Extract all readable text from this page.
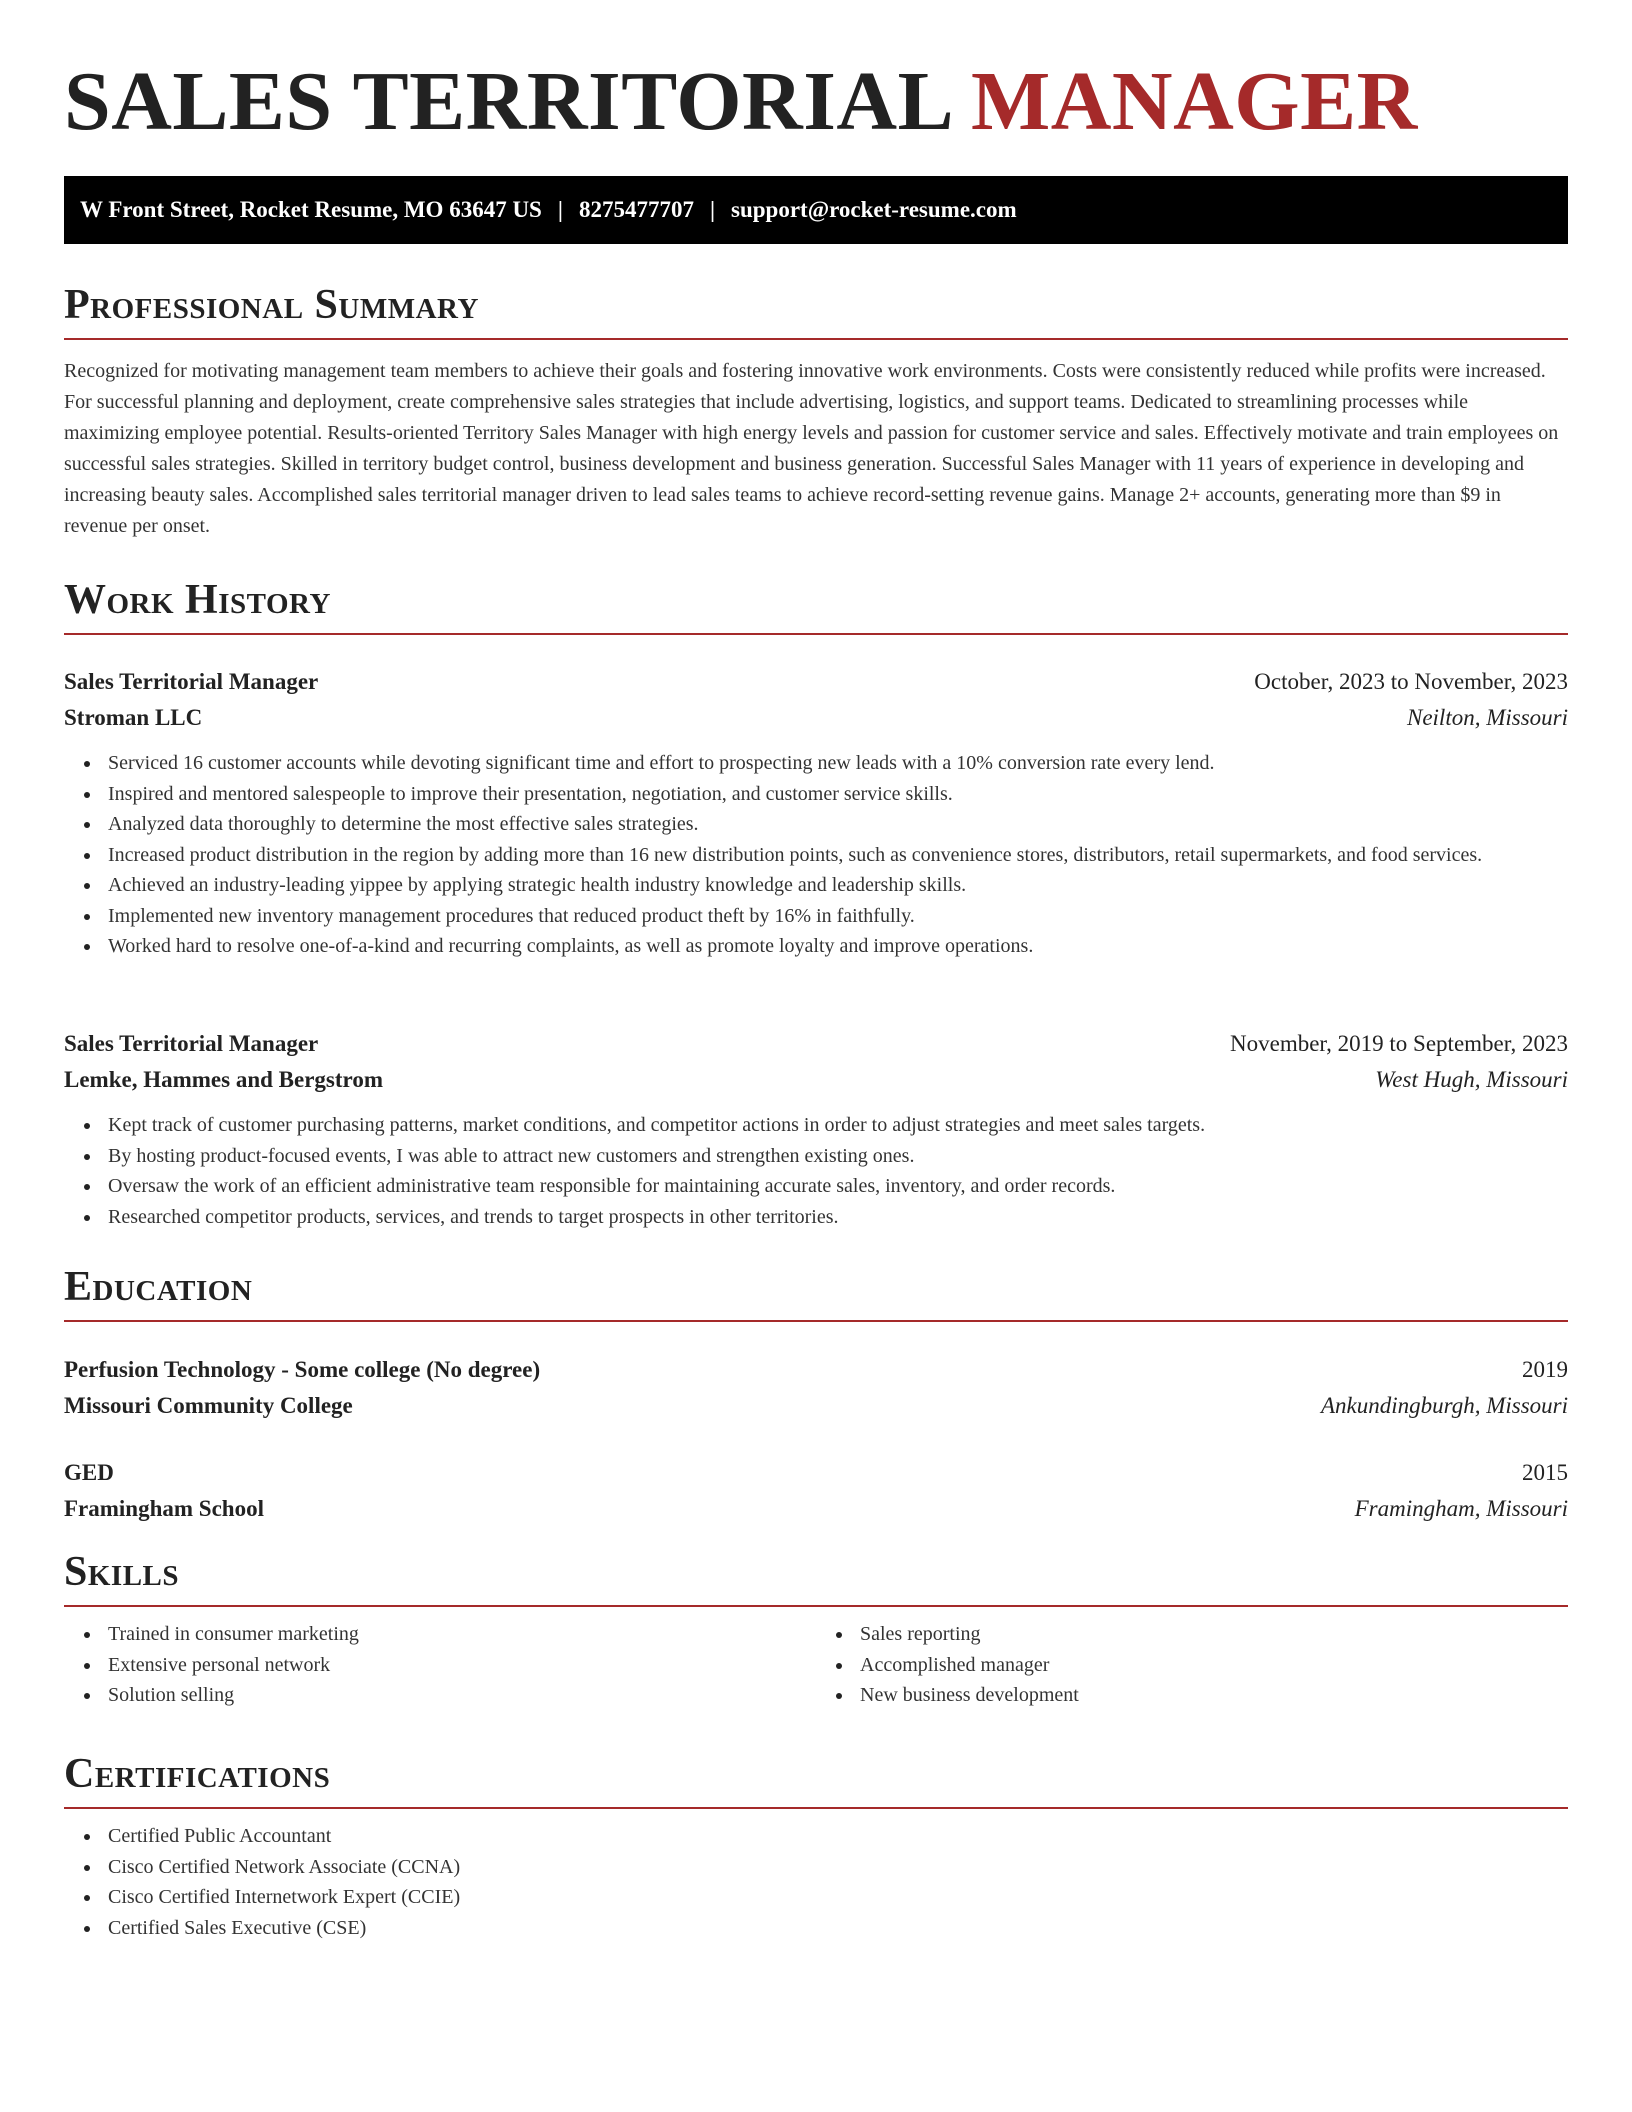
SALES TERRITORIAL MANAGER
W Front Street, Rocket Resume, MO 63647 US | 8275477707 | support@rocket-resume.com
Professional Summary

Recognized for motivating management team members to achieve their goals and fostering innovative work environments. Costs were consistently reduced while profits were increased. For successful planning and deployment, create comprehensive sales strategies that include advertising, logistics, and support teams. Dedicated to streamlining processes while maximizing employee potential. Results-oriented Territory Sales Manager with high energy levels and passion for customer service and sales. Effectively motivate and train employees on successful sales strategies. Skilled in territory budget control, business development and business generation. Successful Sales Manager with 11 years of experience in developing and increasing beauty sales. Accomplished sales territorial manager driven to lead sales teams to achieve record-setting revenue gains. Manage 2+ accounts, generating more than $9 in revenue per onset.

Work History
Sales Territorial Manager	October, 2023 to November, 2023
Stroman LLC	Neilton, Missouri
Serviced 16 customer accounts while devoting significant time and effort to prospecting new leads with a 10% conversion rate every lend.
Inspired and mentored salespeople to improve their presentation, negotiation, and customer service skills.
Analyzed data thoroughly to determine the most effective sales strategies.
Increased product distribution in the region by adding more than 16 new distribution points, such as convenience stores, distributors, retail supermarkets, and food services.
Achieved an industry-leading yippee by applying strategic health industry knowledge and leadership skills.
Implemented new inventory management procedures that reduced product theft by 16% in faithfully.
Worked hard to resolve one-of-a-kind and recurring complaints, as well as promote loyalty and improve operations.
Sales Territorial Manager	November, 2019 to September, 2023
Lemke, Hammes and Bergstrom	West Hugh, Missouri
Kept track of customer purchasing patterns, market conditions, and competitor actions in order to adjust strategies and meet sales targets.
By hosting product-focused events, I was able to attract new customers and strengthen existing ones.
Oversaw the work of an efficient administrative team responsible for maintaining accurate sales, inventory, and order records.
Researched competitor products, services, and trends to target prospects in other territories.
Education
Perfusion Technology - Some college (No degree)	2019
Missouri Community College	Ankundingburgh, Missouri
GED	2015
Framingham School	Framingham, Missouri
Skills
Trained in consumer marketing
Extensive personal network
Solution selling
Sales reporting
Accomplished manager
New business development
Certifications
Certified Public Accountant
Cisco Certified Network Associate (CCNA)
Cisco Certified Internetwork Expert (CCIE)
Certified Sales Executive (CSE)
